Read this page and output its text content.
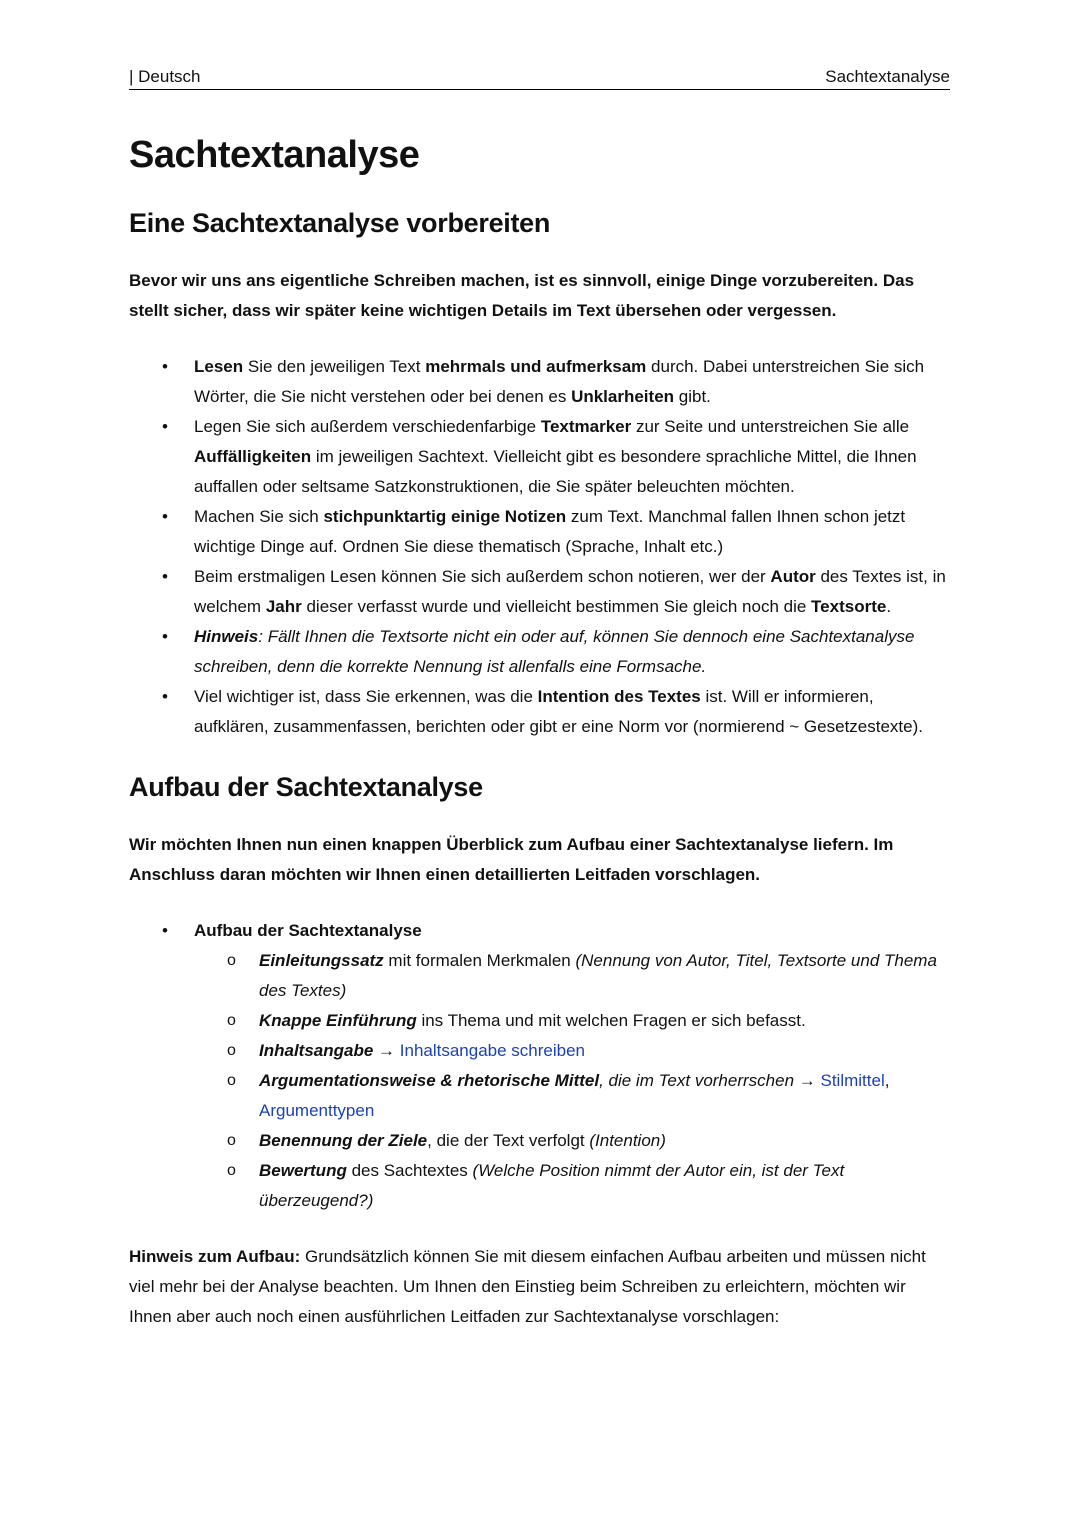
| Deutsch	Sachtextanalyse
Sachtextanalyse
Eine Sachtextanalyse vorbereiten

Bevor wir uns ans eigentliche Schreiben machen, ist es sinnvoll, einige Dinge vorzubereiten. Das stellt sicher, dass wir später keine wichtigen Details im Text übersehen oder vergessen.

• Lesen Sie den jeweiligen Text mehrmals und aufmerksam durch. Dabei unterstreichen Sie sich Wörter, die Sie nicht verstehen oder bei denen es Unklarheiten gibt.
• Legen Sie sich außerdem verschiedenfarbige Textmarker zur Seite und unterstreichen Sie alle Auffälligkeiten im jeweiligen Sachtext. Vielleicht gibt es besondere sprachliche Mittel, die Ihnen auffallen oder seltsame Satzkonstruktionen, die Sie später beleuchten möchten.
• Machen Sie sich stichpunktartig einige Notizen zum Text. Manchmal fallen Ihnen schon jetzt wichtige Dinge auf. Ordnen Sie diese thematisch (Sprache, Inhalt etc.)
• Beim erstmaligen Lesen können Sie sich außerdem schon notieren, wer der Autor des Textes ist, in welchem Jahr dieser verfasst wurde und vielleicht bestimmen Sie gleich noch die Textsorte.
• Hinweis: Fällt Ihnen die Textsorte nicht ein oder auf, können Sie dennoch eine Sachtextanalyse schreiben, denn die korrekte Nennung ist allenfalls eine Formsache.
• Viel wichtiger ist, dass Sie erkennen, was die Intention des Textes ist. Will er informieren, aufklären, zusammenfassen, berichten oder gibt er eine Norm vor (normierend ~ Gesetzestexte).
Aufbau der Sachtextanalyse

Wir möchten Ihnen nun einen knappen Überblick zum Aufbau einer Sachtextanalyse liefern. Im Anschluss daran möchten wir Ihnen einen detaillierten Leitfaden vorschlagen.

• Aufbau der Sachtextanalyse
o Einleitungssatz mit formalen Merkmalen (Nennung von Autor, Titel, Textsorte und Thema des Textes)
o Knappe Einführung ins Thema und mit welchen Fragen er sich befasst.
o Inhaltsangabe → Inhaltsangabe schreiben
o Argumentationsweise & rhetorische Mittel, die im Text vorherrschen → Stilmittel, Argumenttypen
o Benennung der Ziele, die der Text verfolgt (Intention)
o Bewertung des Sachtextes (Welche Position nimmt der Autor ein, ist der Text überzeugend?)

Hinweis zum Aufbau: Grundsätzlich können Sie mit diesem einfachen Aufbau arbeiten und müssen nicht viel mehr bei der Analyse beachten. Um Ihnen den Einstieg beim Schreiben zu erleichtern, möchten wir Ihnen aber auch noch einen ausführlichen Leitfaden zur Sachtextanalyse vorschlagen:
